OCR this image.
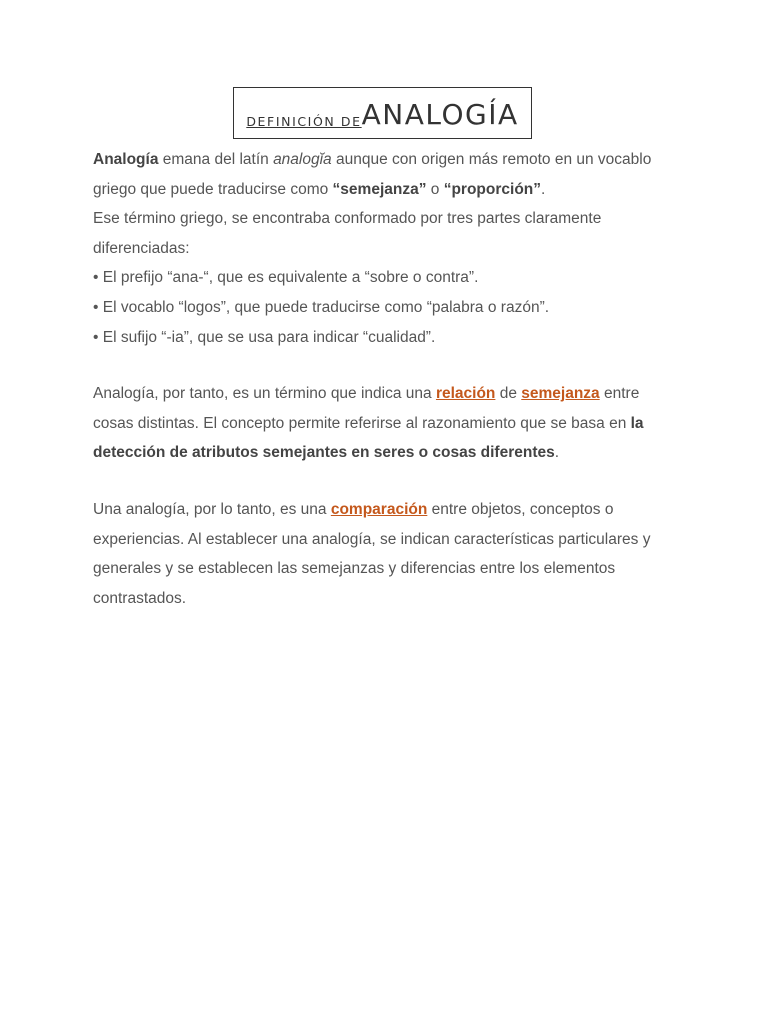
DEFINICIÓN DE ANALOGÍA

Analogía emana del latín analogĭa aunque con origen más remoto en un vocablo griego que puede traducirse como “semejanza” o “proporción”.

Ese término griego, se encontraba conformado por tres partes claramente diferenciadas:

• El prefijo “ana-“, que es equivalente a “sobre o contra”.

• El vocablo “logos”, que puede traducirse como “palabra o razón”.

• El sufijo “-ia”, que se usa para indicar “cualidad”.

Analogía, por tanto, es un término que indica una relación de semejanza entre cosas distintas. El concepto permite referirse al razonamiento que se basa en la detección de atributos semejantes en seres o cosas diferentes.

Una analogía, por lo tanto, es una comparación entre objetos, conceptos o experiencias. Al establecer una analogía, se indican características particulares y generales y se establecen las semejanzas y diferencias entre los elementos contrastados.
